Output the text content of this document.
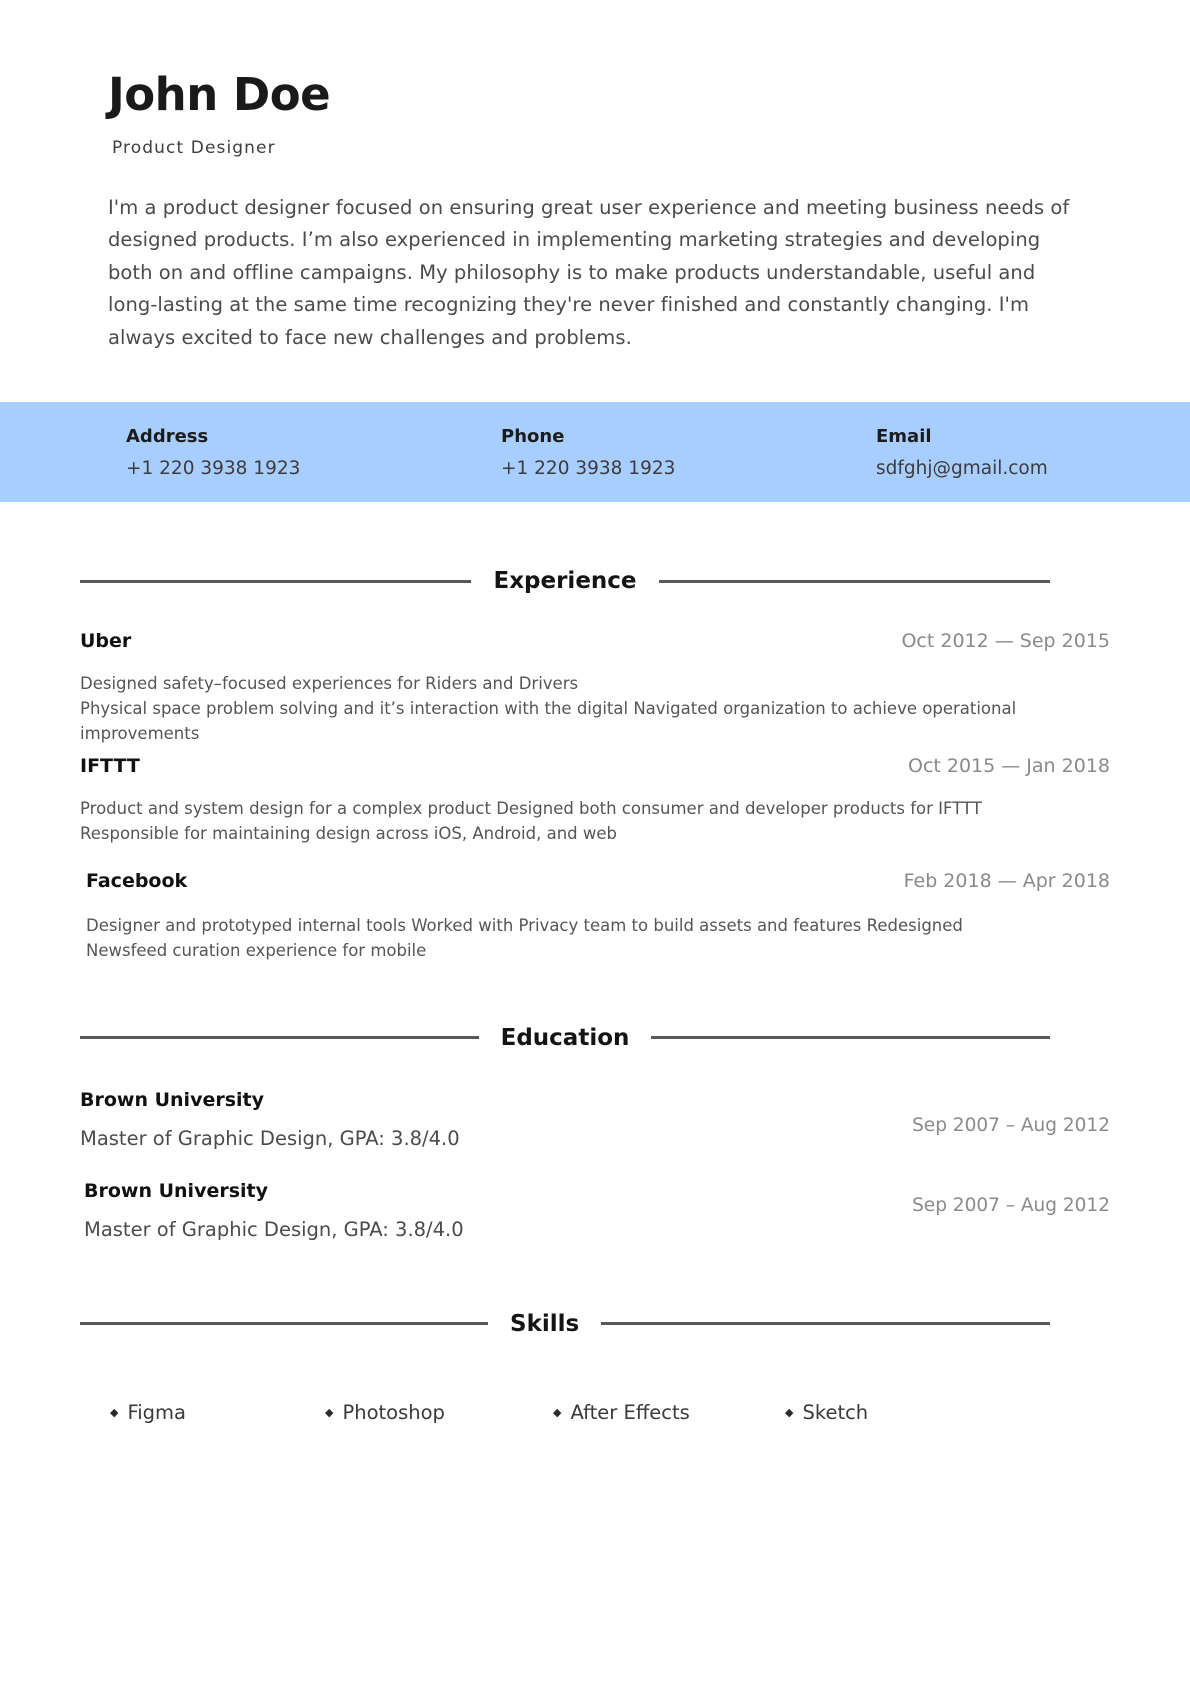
John Doe
Product Designer

I'm a product designer focused on ensuring great user experience and meeting business needs of designed products. I’m also experienced in implementing marketing strategies and developing both on and offline campaigns. My philosophy is to make products understandable, useful and long-lasting at the same time recognizing they're never finished and constantly changing. I'm always excited to face new challenges and problems.

Address
+1 220 3938 1923
Phone
+1 220 3938 1923
Email
sdfghj@gmail.com
Experience
Uber	Oct 2012 — Sep 2015
Designed safety–focused experiences for Riders and Drivers
Physical space problem solving and it’s interaction with the digital Navigated organization to achieve operational improvements
IFTTT	Oct 2015 — Jan 2018
Product and system design for a complex product Designed both consumer and developer products for IFTTT
Responsible for maintaining design across iOS, Android, and web
Facebook	Feb 2018 — Apr 2018
Designer and prototyped internal tools Worked with Privacy team to build assets and features Redesigned Newsfeed curation experience for mobile
Education
Brown University
Master of Graphic Design, GPA: 3.8/4.0
Sep 2007 – Aug 2012
Brown University
Master of Graphic Design, GPA: 3.8/4.0
Sep 2007 – Aug 2012
Skills
◆ Figma	◆ Photoshop	◆ After Effects	◆ Sketch
